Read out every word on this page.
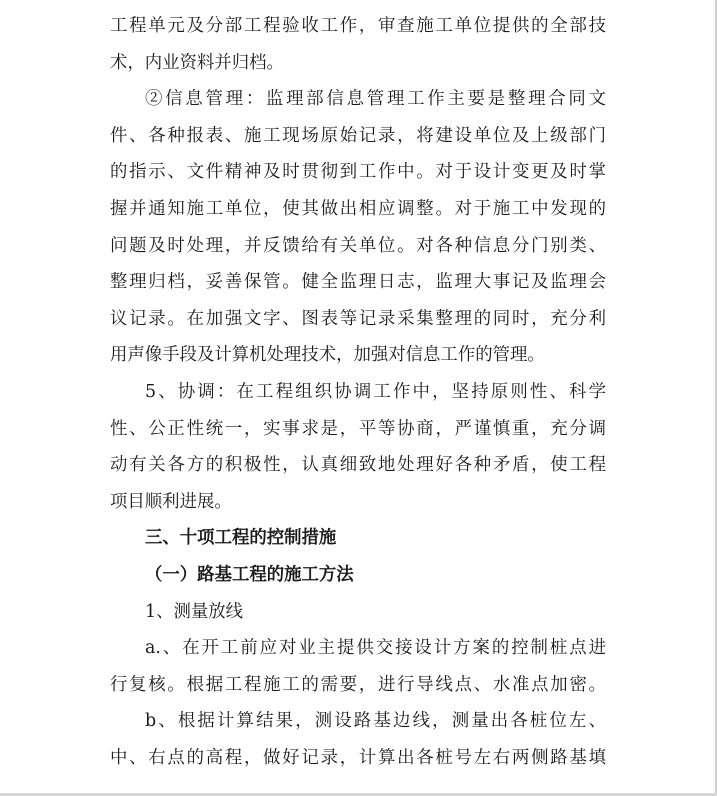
工程单元及分部工程验收工作，审查施工单位提供的全部技
术，内业资料并归档。
②信息管理：监理部信息管理工作主要是整理合同文
件、各种报表、施工现场原始记录，将建设单位及上级部门
的指示、文件精神及时贯彻到工作中。对于设计变更及时掌
握并通知施工单位，使其做出相应调整。对于施工中发现的
问题及时处理，并反馈给有关单位。对各种信息分门别类、
整理归档，妥善保管。健全监理日志，监理大事记及监理会
议记录。在加强文字、图表等记录采集整理的同时，充分利
用声像手段及计算机处理技术，加强对信息工作的管理。
5、协调：在工程组织协调工作中，坚持原则性、科学
性、公正性统一，实事求是，平等协商，严谨慎重，充分调
动有关各方的积极性，认真细致地处理好各种矛盾，使工程
项目顺利进展。
三、十项工程的控制措施
（一）路基工程的施工方法
1、测量放线
a.、在开工前应对业主提供交接设计方案的控制桩点进
行复核。根据工程施工的需要，进行导线点、水准点加密。
b、根据计算结果，测设路基边线，测量出各桩位左、
中、右点的高程，做好记录，计算出各桩号左右两侧路基填
